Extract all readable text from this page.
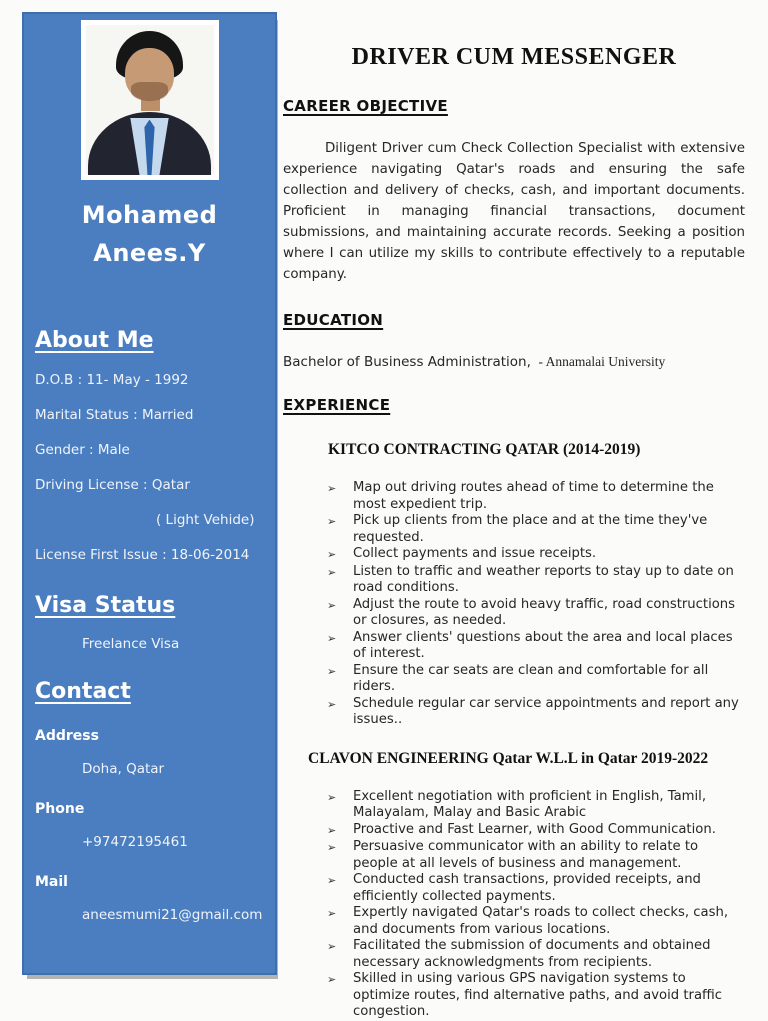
Mohamed
Anees.Y
About Me
D.O.B : 11- May - 1992
Marital Status : Married
Gender : Male
Driving License : Qatar
( Light Vehide)
License First Issue : 18-06-2014
Visa Status
Freelance Visa
Contact
Address
Doha, Qatar
Phone
+97472195461
Mail
aneesmumi21@gmail.com
DRIVER CUM MESSENGER
CAREER OBJECTIVE

Diligent Driver cum Check Collection Specialist with extensive experience navigating Qatar's roads and ensuring the safe collection and delivery of checks, cash, and important documents. Proficient in managing financial transactions, document submissions, and maintaining accurate records. Seeking a position where I can utilize my skills to contribute effectively to a reputable company.

EDUCATION
Bachelor of Business Administration, - Annamalai University
EXPERIENCE
KITCO CONTRACTING QATAR (2014-2019)
➢	Map out driving routes ahead of time to determine the most expedient trip.
➢	Pick up clients from the place and at the time they've requested.
➢	Collect payments and issue receipts.
➢	Listen to traffic and weather reports to stay up to date on road conditions.
➢	Adjust the route to avoid heavy traffic, road constructions or closures, as needed.
➢	Answer clients' questions about the area and local places of interest.
➢	Ensure the car seats are clean and comfortable for all riders.
➢	Schedule regular car service appointments and report any issues..
CLAVON ENGINEERING Qatar W.L.L in Qatar 2019-2022
➢	Excellent negotiation with proficient in English, Tamil, Malayalam, Malay and Basic Arabic
➢	Proactive and Fast Learner, with Good Communication.
➢	Persuasive communicator with an ability to relate to people at all levels of business and management.
➢	Conducted cash transactions, provided receipts, and efficiently collected payments.
➢	Expertly navigated Qatar's roads to collect checks, cash, and documents from various locations.
➢	Facilitated the submission of documents and obtained necessary acknowledgments from recipients.
➢	Skilled in using various GPS navigation systems to optimize routes, find alternative paths, and avoid traffic congestion.
